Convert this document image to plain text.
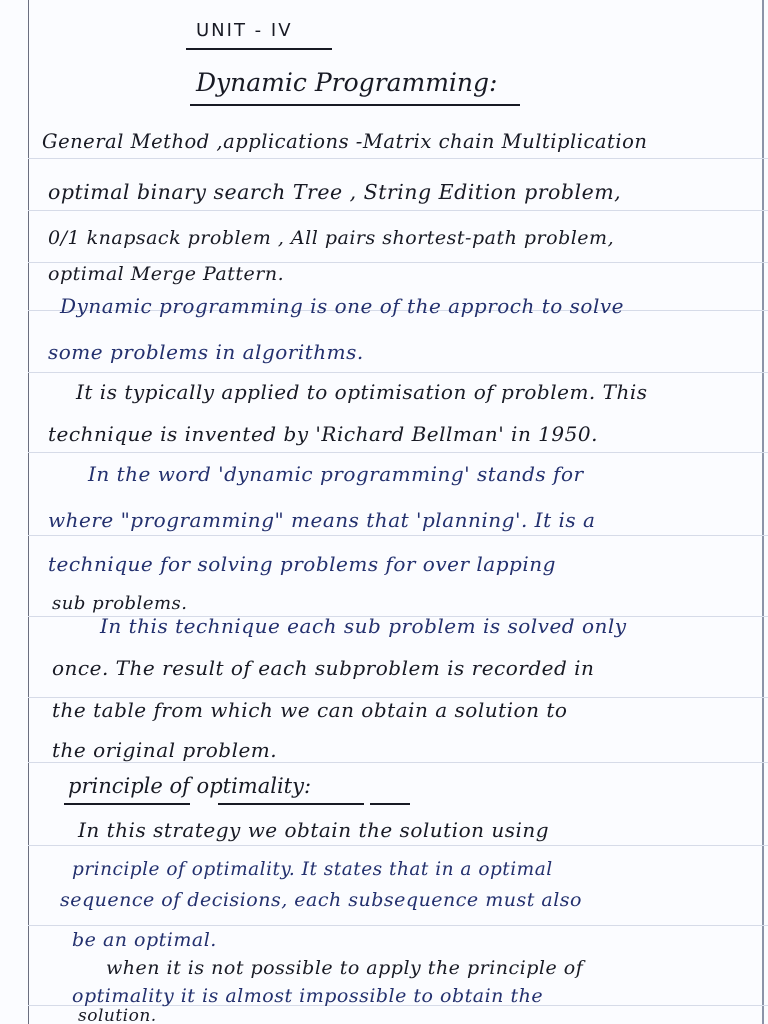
UNIT - IV
Dynamic Programming:
General Method ,applications -Matrix chain Multiplication
optimal binary search Tree , String Edition problem,
0/1 knapsack problem , All pairs shortest-path problem,
optimal Merge Pattern.
Dynamic programming is one of the approch to solve
some problems in algorithms.
It is typically applied to optimisation of problem. This
technique is invented by 'Richard Bellman' in 1950.
In the word 'dynamic programming' stands for
where "programming" means that 'planning'. It is a
technique for solving problems for over lapping
sub problems.
In this technique each sub problem is solved only
once. The result of each subproblem is recorded in
the table from which we can obtain a solution to
the original problem.
principle of optimality:
In this strategy we obtain the solution using
principle of optimality. It states that in a optimal
sequence of decisions, each subsequence must also
be an optimal.
when it is not possible to apply the principle of
optimality it is almost impossible to obtain the
solution.
